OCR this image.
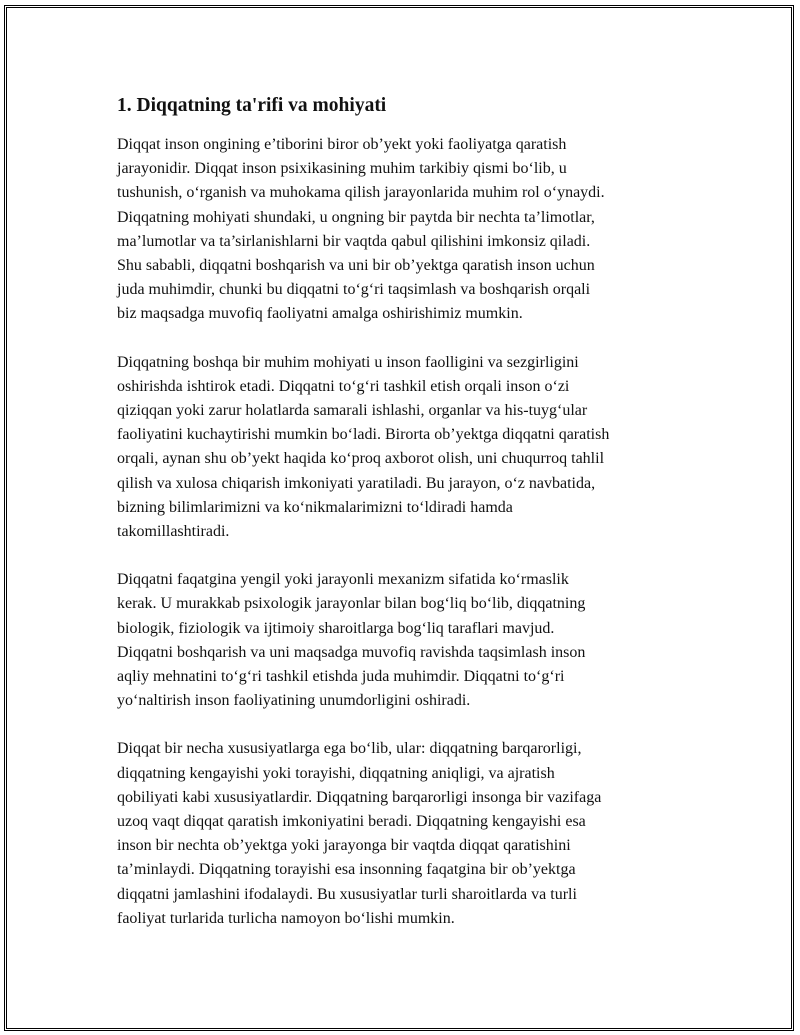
1. Diqqatning ta'rifi va mohiyati

Diqqat inson ongining e’tiborini biror ob’yekt yoki faoliyatga qaratish
jarayonidir. Diqqat inson psixikasining muhim tarkibiy qismi bo‘lib, u
tushunish, o‘rganish va muhokama qilish jarayonlarida muhim rol o‘ynaydi.
Diqqatning mohiyati shundaki, u ongning bir paytda bir nechta ta’limotlar,
ma’lumotlar va ta’sirlanishlarni bir vaqtda qabul qilishini imkonsiz qiladi.
Shu sababli, diqqatni boshqarish va uni bir ob’yektga qaratish inson uchun
juda muhimdir, chunki bu diqqatni to‘g‘ri taqsimlash va boshqarish orqali
biz maqsadga muvofiq faoliyatni amalga oshirishimiz mumkin.

Diqqatning boshqa bir muhim mohiyati u inson faolligini va sezgirligini
oshirishda ishtirok etadi. Diqqatni to‘g‘ri tashkil etish orqali inson o‘zi
qiziqqan yoki zarur holatlarda samarali ishlashi, organlar va his-tuyg‘ular
faoliyatini kuchaytirishi mumkin bo‘ladi. Birorta ob’yektga diqqatni qaratish
orqali, aynan shu ob’yekt haqida ko‘proq axborot olish, uni chuqurroq tahlil
qilish va xulosa chiqarish imkoniyati yaratiladi. Bu jarayon, o‘z navbatida,
bizning bilimlarimizni va ko‘nikmalarimizni to‘ldiradi hamda
takomillashtiradi.

Diqqatni faqatgina yengil yoki jarayonli mexanizm sifatida ko‘rmaslik
kerak. U murakkab psixologik jarayonlar bilan bog‘liq bo‘lib, diqqatning
biologik, fiziologik va ijtimoiy sharoitlarga bog‘liq taraflari mavjud.
Diqqatni boshqarish va uni maqsadga muvofiq ravishda taqsimlash inson
aqliy mehnatini to‘g‘ri tashkil etishda juda muhimdir. Diqqatni to‘g‘ri
yo‘naltirish inson faoliyatining unumdorligini oshiradi.

Diqqat bir necha xususiyatlarga ega bo‘lib, ular: diqqatning barqarorligi,
diqqatning kengayishi yoki torayishi, diqqatning aniqligi, va ajratish
qobiliyati kabi xususiyatlardir. Diqqatning barqarorligi insonga bir vazifaga
uzoq vaqt diqqat qaratish imkoniyatini beradi. Diqqatning kengayishi esa
inson bir nechta ob’yektga yoki jarayonga bir vaqtda diqqat qaratishini
ta’minlaydi. Diqqatning torayishi esa insonning faqatgina bir ob’yektga
diqqatni jamlashini ifodalaydi. Bu xususiyatlar turli sharoitlarda va turli
faoliyat turlarida turlicha namoyon bo‘lishi mumkin.
